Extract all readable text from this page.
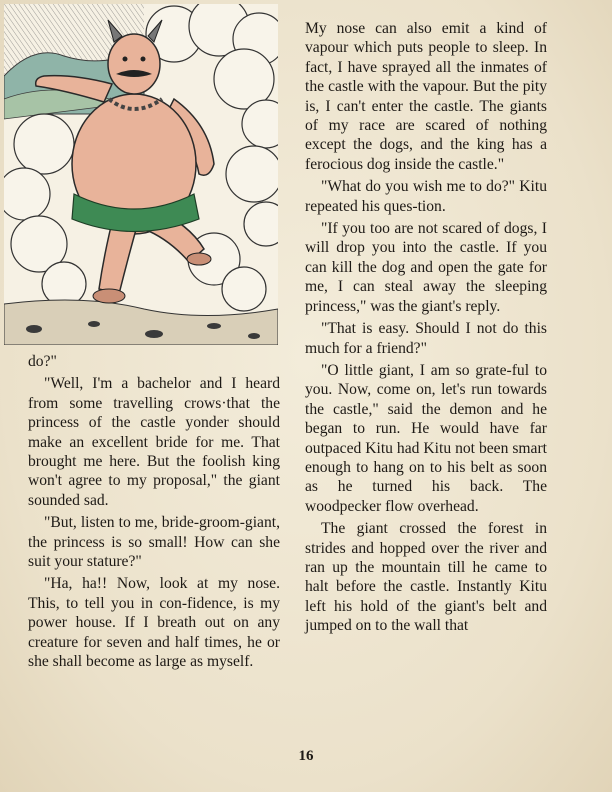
do?"

"Well, I'm a bachelor and I heard from some travelling crows·that the princess of the castle yonder should make an excellent bride for me. That brought me here. But the foolish king won't agree to my proposal," the giant sounded sad.

"But, listen to me, bride-groom-giant, the princess is so small! How can she suit your stature?"

"Ha, ha!! Now, look at my nose. This, to tell you in con-fidence, is my power house. If I breath out on any creature for seven and half times, he or she shall become as large as myself.

My nose can also emit a kind of vapour which puts people to sleep. In fact, I have sprayed all the inmates of the castle with the vapour. But the pity is, I can't enter the castle. The giants of my race are scared of nothing except the dogs, and the king has a ferocious dog inside the castle."

"What do you wish me to do?" Kitu repeated his ques-tion.

"If you too are not scared of dogs, I will drop you into the castle. If you can kill the dog and open the gate for me, I can steal away the sleeping princess," was the giant's reply.

"That is easy. Should I not do this much for a friend?"

"O little giant, I am so grate-ful to you. Now, come on, let's run towards the castle," said the demon and he began to run. He would have far outpaced Kitu had Kitu not been smart enough to hang on to his belt as soon as he turned his back. The woodpecker flow overhead.

The giant crossed the forest in strides and hopped over the river and ran up the mountain till he came to halt before the castle. Instantly Kitu left his hold of the giant's belt and jumped on to the wall that

16
